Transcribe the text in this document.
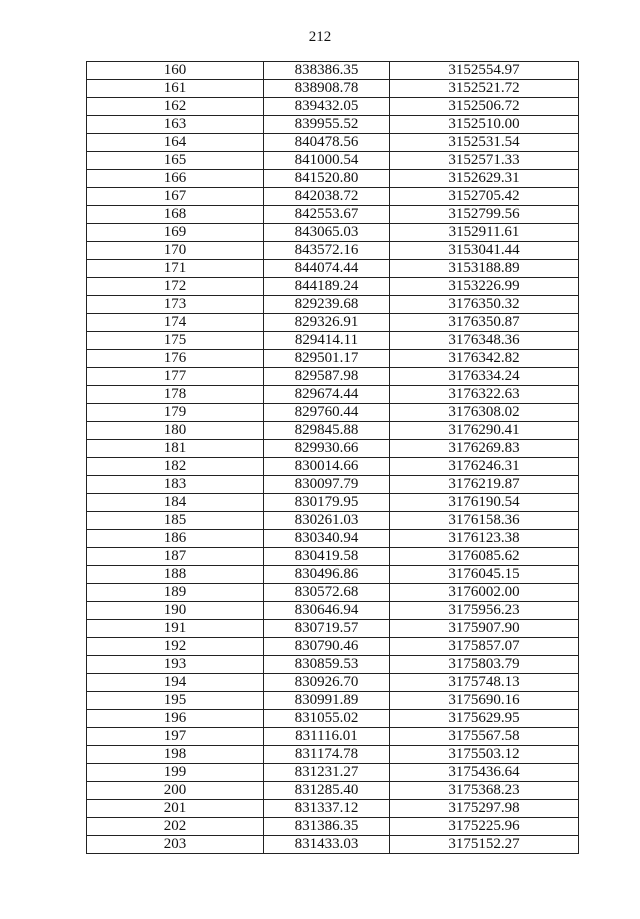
212
160	838386.35	3152554.97
161	838908.78	3152521.72
162	839432.05	3152506.72
163	839955.52	3152510.00
164	840478.56	3152531.54
165	841000.54	3152571.33
166	841520.80	3152629.31
167	842038.72	3152705.42
168	842553.67	3152799.56
169	843065.03	3152911.61
170	843572.16	3153041.44
171	844074.44	3153188.89
172	844189.24	3153226.99
173	829239.68	3176350.32
174	829326.91	3176350.87
175	829414.11	3176348.36
176	829501.17	3176342.82
177	829587.98	3176334.24
178	829674.44	3176322.63
179	829760.44	3176308.02
180	829845.88	3176290.41
181	829930.66	3176269.83
182	830014.66	3176246.31
183	830097.79	3176219.87
184	830179.95	3176190.54
185	830261.03	3176158.36
186	830340.94	3176123.38
187	830419.58	3176085.62
188	830496.86	3176045.15
189	830572.68	3176002.00
190	830646.94	3175956.23
191	830719.57	3175907.90
192	830790.46	3175857.07
193	830859.53	3175803.79
194	830926.70	3175748.13
195	830991.89	3175690.16
196	831055.02	3175629.95
197	831116.01	3175567.58
198	831174.78	3175503.12
199	831231.27	3175436.64
200	831285.40	3175368.23
201	831337.12	3175297.98
202	831386.35	3175225.96
203	831433.03	3175152.27
